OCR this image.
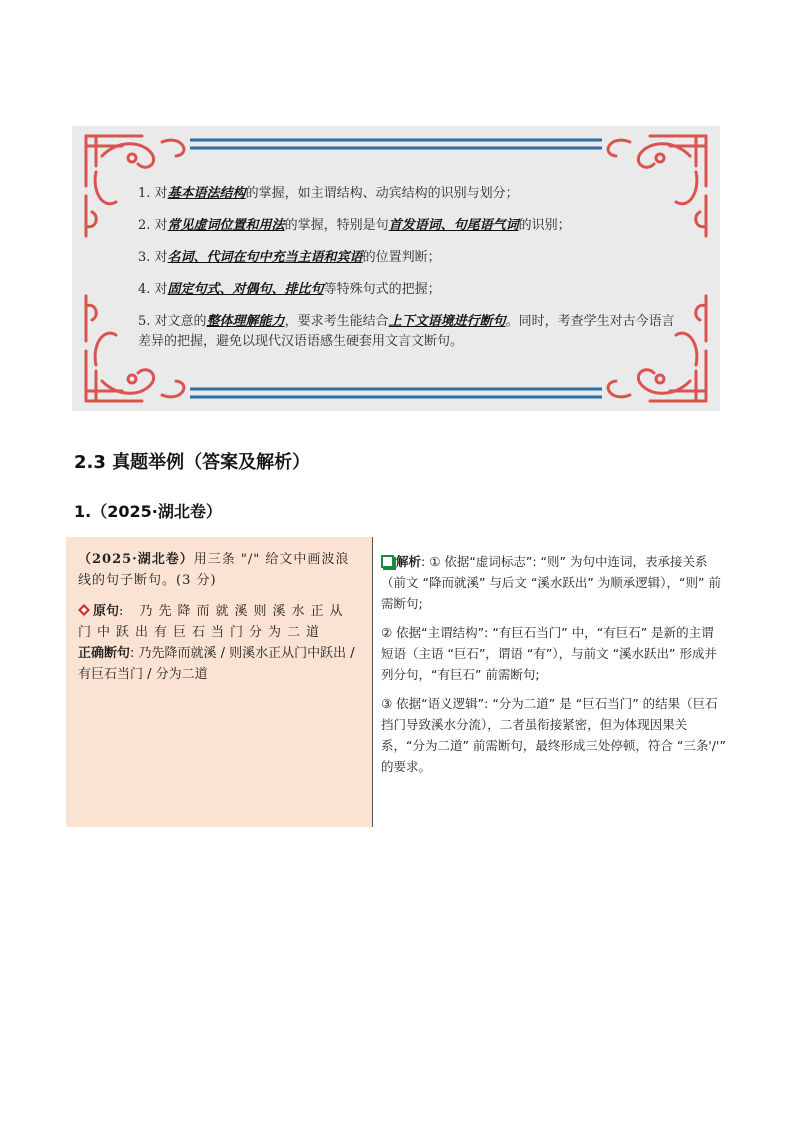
1. 对基本语法结构的掌握，如主谓结构、动宾结构的识别与划分；

2. 对常见虚词位置和用法的掌握，特别是句首发语词、句尾语气词的识别；

3. 对名词、代词在句中充当主语和宾语的位置判断；

4. 对固定句式、对偶句、排比句等特殊句式的把握；

5. 对文意的整体理解能力，要求考生能结合上下文语境进行断句。同时，考查学生对古今语言差异的把握，避免以现代汉语语感生硬套用文言文断句。

2.3 真题举例（答案及解析）
1.（2025·湖北卷）
（2025·湖北卷）用三条 "/" 给文中画波浪线的句子断句。(3 分)
原句: 乃先降而就溪则溪水正从门中跃出有巨石当门分为二道
正确断句: 乃先降而就溪 / 则溪水正从门中跃出 / 有巨石当门 / 分为二道

解析: ① 依据“虚词标志”: “则” 为句中连词，表承接关系（前文 “降而就溪” 与后文 “溪水跃出” 为顺承逻辑），“则” 前需断句;

② 依据“主谓结构”: “有巨石当门” 中，“有巨石” 是新的主谓短语（主语 “巨石”，谓语 “有”），与前文 “溪水跃出” 形成并列分句，“有巨石” 前需断句;

③ 依据“语义逻辑”: “分为二道” 是 “巨石当门” 的结果（巨石挡门导致溪水分流），二者虽衔接紧密，但为体现因果关系，“分为二道” 前需断句，最终形成三处停顿，符合 “三条'/'” 的要求。
